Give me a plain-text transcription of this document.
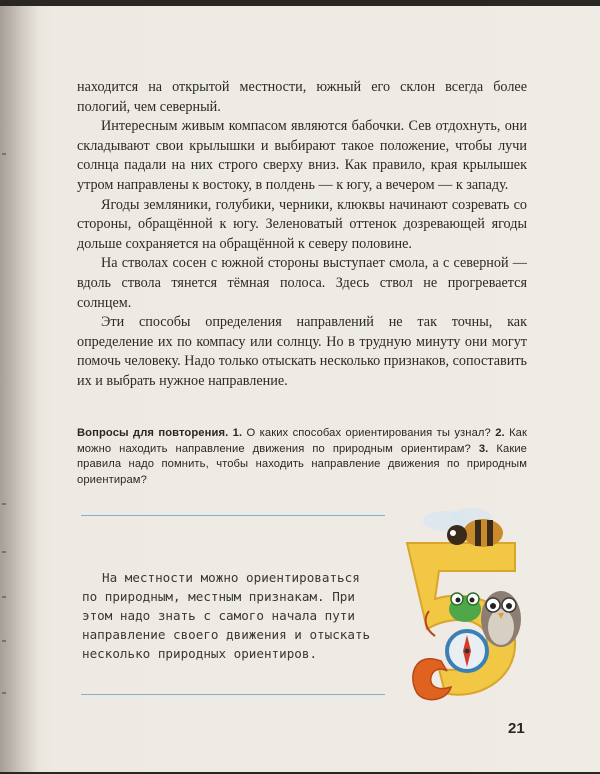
находится на открытой местности, южный его склон всегда более пологий, чем северный.

Интересным живым компасом являются бабочки. Сев отдохнуть, они складывают свои крылышки и выбирают такое положение, чтобы лучи солнца падали на них строго сверху вниз. Как правило, края крылышек утром направлены к востоку, в полдень — к югу, а вечером — к западу.

Ягоды земляники, голубики, черники, клюквы начинают созревать со стороны, обращённой к югу. Зеленоватый оттенок дозревающей ягоды дольше сохраняется на обращённой к северу половине.

На стволах сосен с южной стороны выступает смола, а с северной — вдоль ствола тянется тёмная полоса. Здесь ствол не прогревается солнцем.

Эти способы определения направлений не так точны, как определение их по компасу или солнцу. Но в трудную минуту они могут помочь человеку. Надо только отыскать несколько признаков, сопоставить их и выбрать нужное направление.

Вопросы для повторения. 1. О каких способах ориентирования ты узнал? 2. Как можно находить направление движения по природным ориентирам? 3. Какие правила надо помнить, чтобы находить направление движения по природным ориентирам?

На местности можно ориентироваться

по природным, местным признакам. При этом надо знать с самого начала пути направление своего движения и отыскать несколько природных ориентиров.

21
